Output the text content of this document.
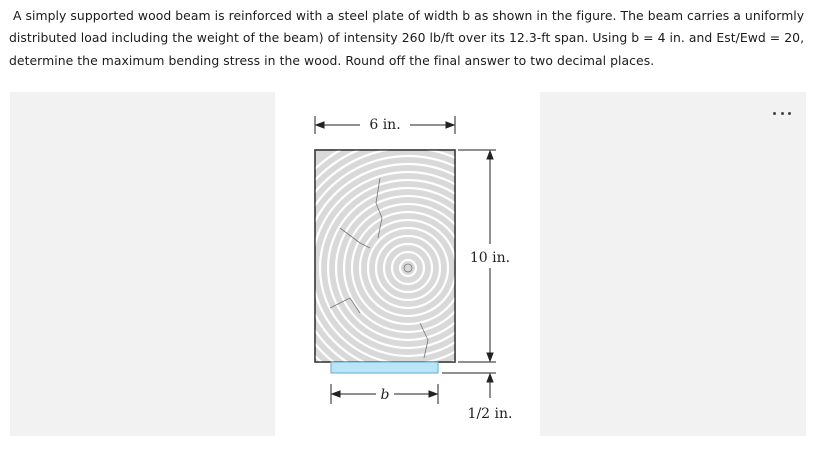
A simply supported wood beam is reinforced with a steel plate of width b as shown in the figure. The beam carries a uniformly distributed load including the weight of the beam) of intensity 260 lb/ft over its 12.3-ft span. Using b = 4 in. and Est/Ewd = 20, determine the maximum bending stress in the wood. Round off the final answer to two decimal places.
6 in.
10 in.
1/2 in.
b
